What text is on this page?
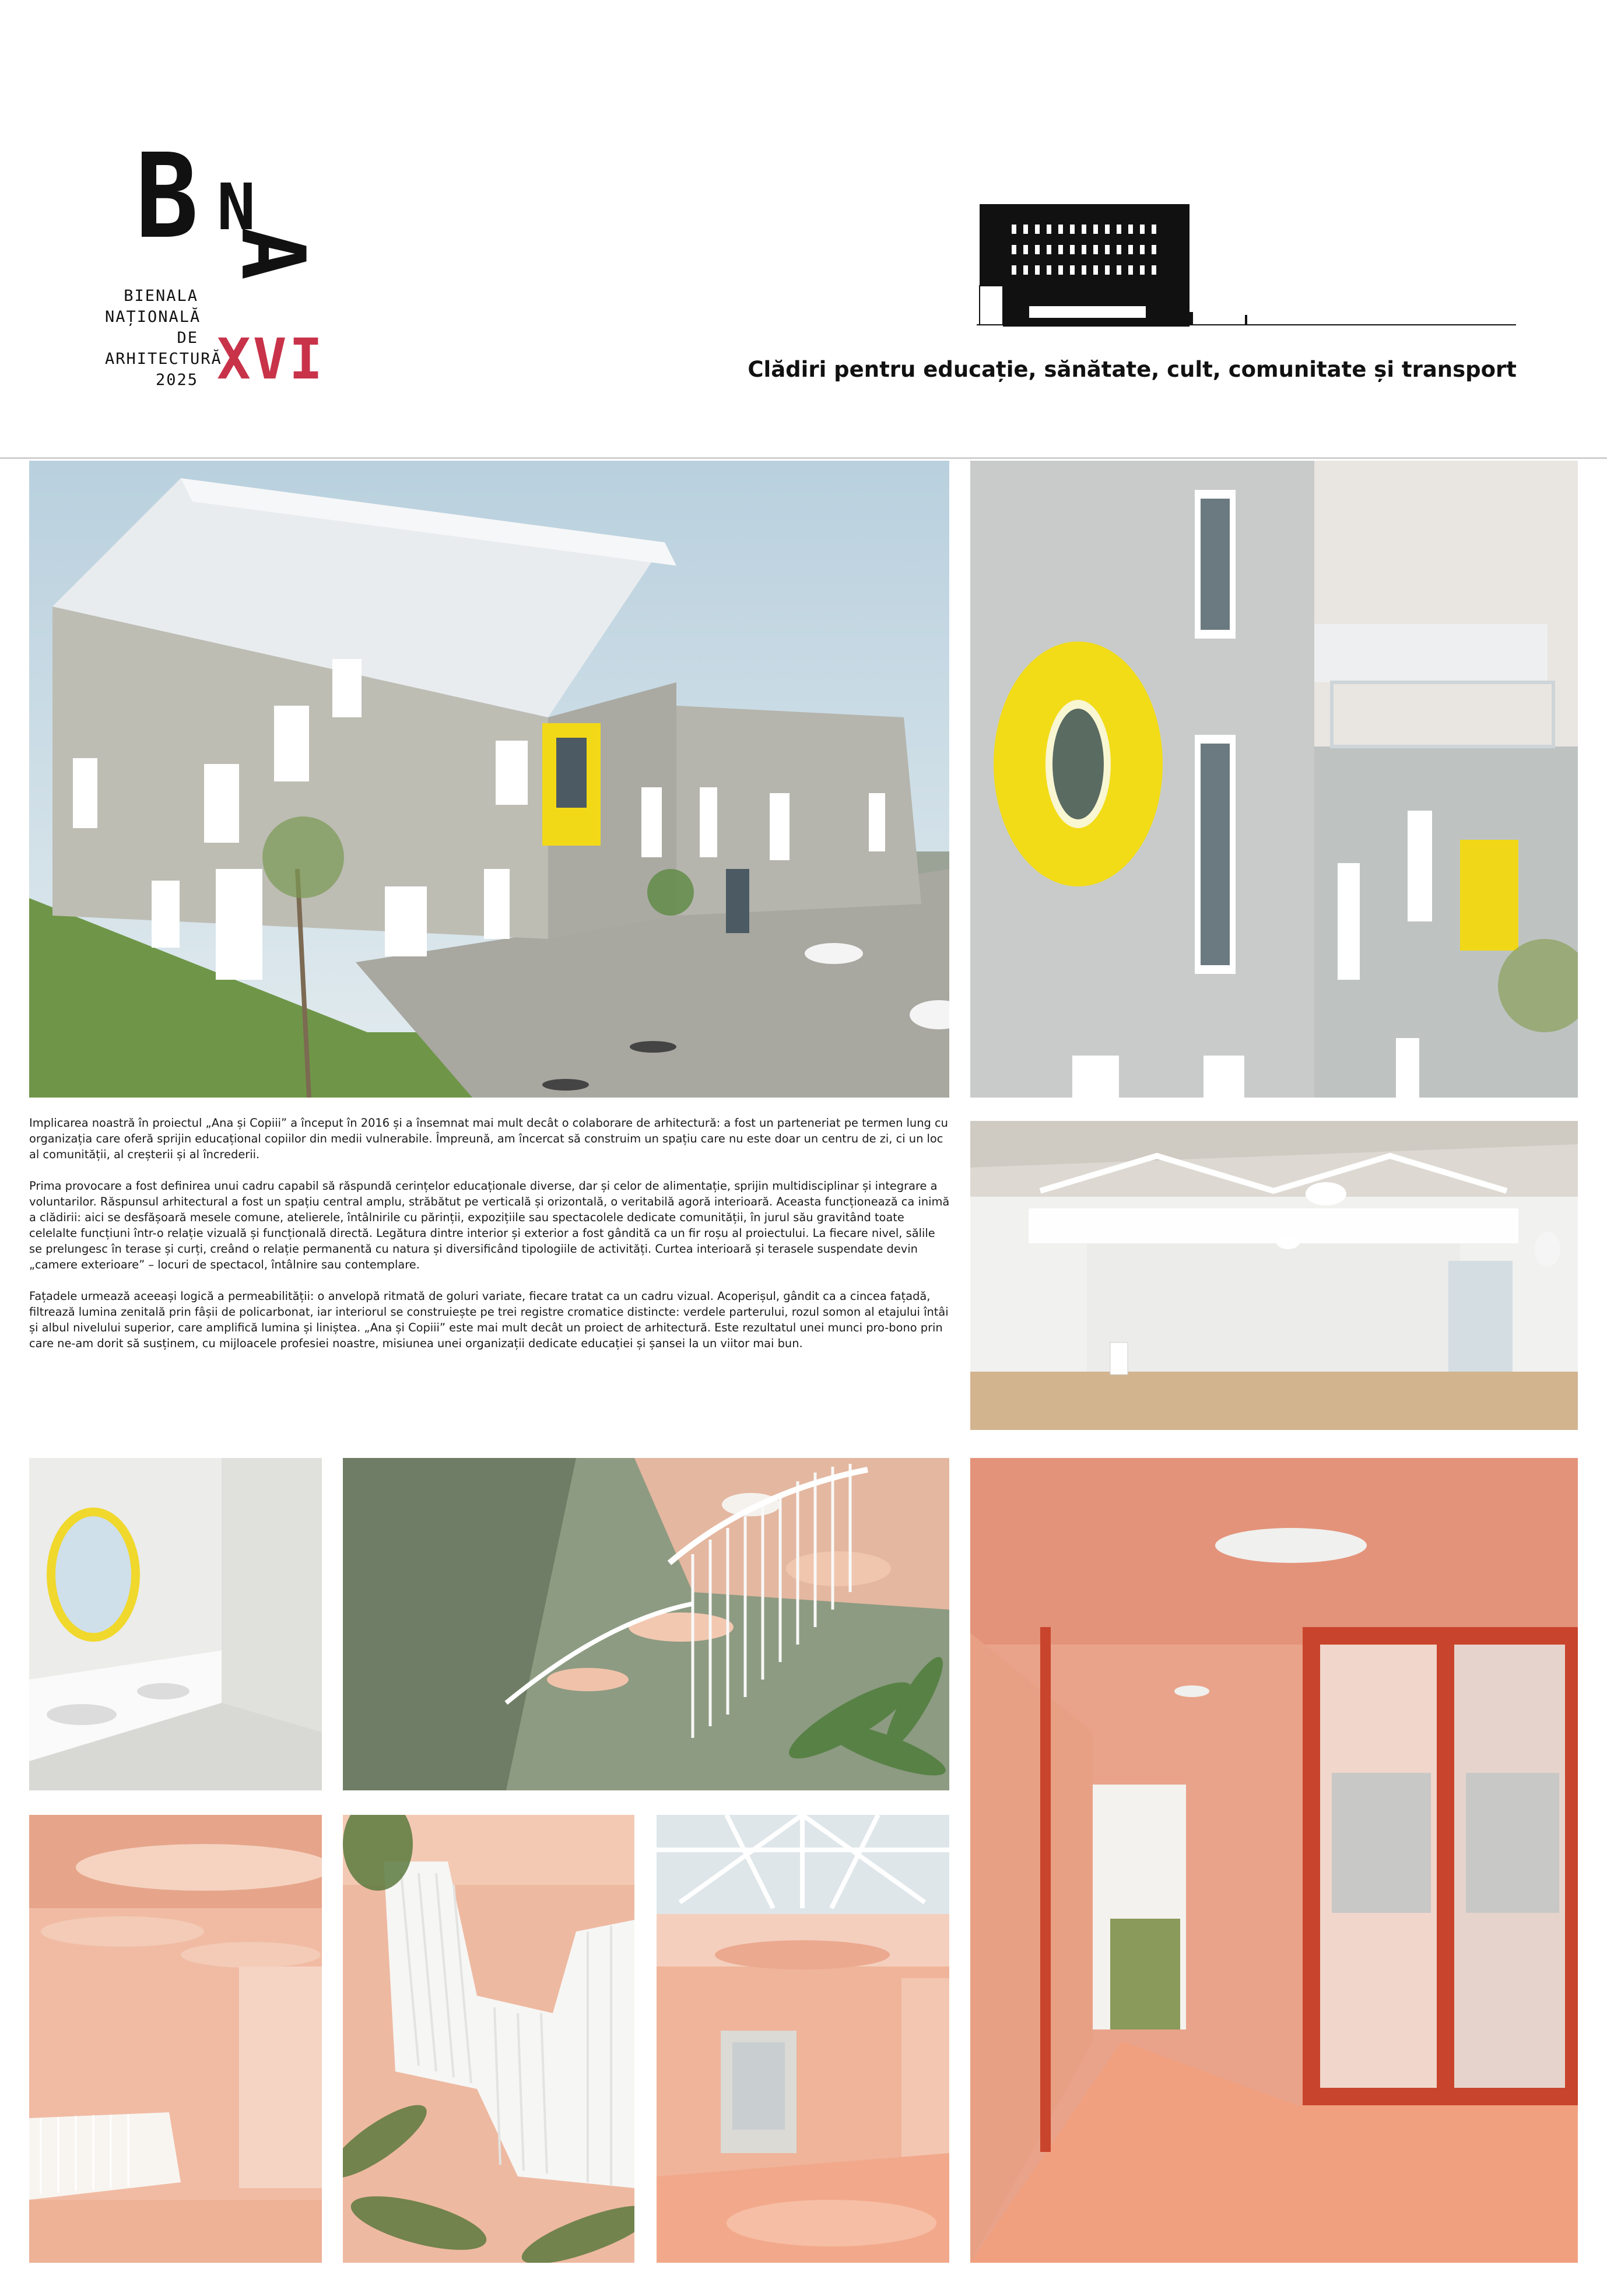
B N
A
BIENALA
NAȚIONALĂ
DE
ARHITECTURĂ
2025 XVI	Clădiri pentru educație, sănătate, cult, comunitate și transport

Implicarea noastră în proiectul „Ana și Copiii” a început în 2016 și a însemnat mai mult decât o colaborare de arhitectură: a fost un parteneriat pe termen lung cu organizația care oferă sprijin educațional copiilor din medii vulnerabile. Împreună, am încercat să construim un spațiu care nu este doar un centru de zi, ci un loc al comunității, al creșterii și al încrederii.

Prima provocare a fost definirea unui cadru capabil să răspundă cerințelor educaționale diverse, dar și celor de alimentație, sprijin multidisciplinar și integrare a voluntarilor. Răspunsul arhitectural a fost un spațiu central amplu, străbătut pe verticală și orizontală, o veritabilă agoră interioară. Aceasta funcționează ca inimă a clădirii: aici se desfășoară mesele comune, atelierele, întâlnirile cu părinții, expozițiile sau spectacolele dedicate comunității, în jurul său gravitând toate celelalte funcțiuni într-o relație vizuală și funcțională directă. Legătura dintre interior și exterior a fost gândită ca un fir roșu al proiectului. La fiecare nivel, sălile se prelungesc în terase și curți, creând o relație permanentă cu natura și diversificând tipologiile de activități. Curtea interioară și terasele suspendate devin „camere exterioare” – locuri de spectacol, întâlnire sau contemplare.

Fațadele urmează aceeași logică a permeabilității: o anvelopă ritmată de goluri variate, fiecare tratat ca un cadru vizual. Acoperișul, gândit ca a cincea fațadă, filtrează lumina zenitală prin fâșii de policarbonat, iar interiorul se construiește pe trei registre cromatice distincte: verdele parterului, rozul somon al etajului întâi și albul nivelului superior, care amplifică lumina și liniștea. „Ana și Copiii” este mai mult decât un proiect de arhitectură. Este rezultatul unei munci pro-bono prin care ne-am dorit să susținem, cu mijloacele profesiei noastre, misiunea unei organizații dedicate educației și șansei la un viitor mai bun.
